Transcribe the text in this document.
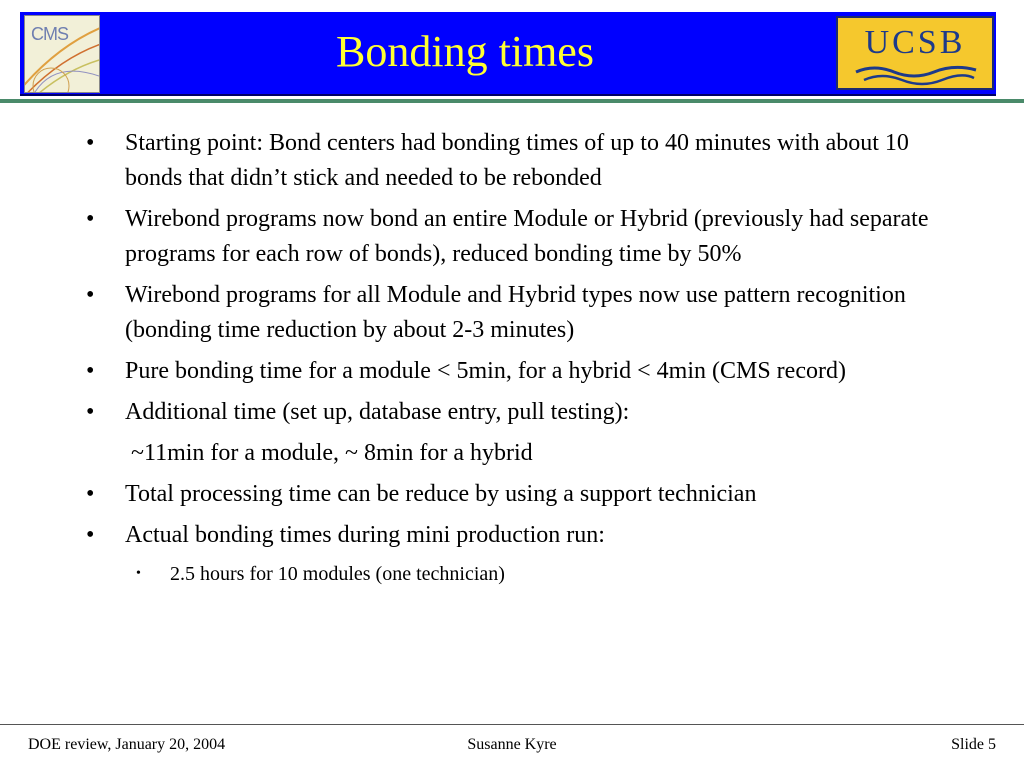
CMS	Bonding times	UCSB
• Starting point: Bond centers had bonding times of up to 40 minutes with about 10 bonds that didn’t stick and needed to be rebonded
• Wirebond programs now bond an entire Module or Hybrid (previously had separate programs for each row of bonds), reduced bonding time by 50%
• Wirebond programs for all Module and Hybrid types now use pattern recognition (bonding time reduction by about 2-3 minutes)
• Pure bonding time for a module < 5min, for a hybrid < 4min (CMS record)
• Additional time (set up, database entry, pull testing):
~11min for a module, ~ 8min for a hybrid
• Total processing time can be reduce by using a support technician
• Actual bonding times during mini production run:
• 2.5 hours for 10 modules (one technician)
DOE review, January 20, 2004	Susanne Kyre	Slide 5
